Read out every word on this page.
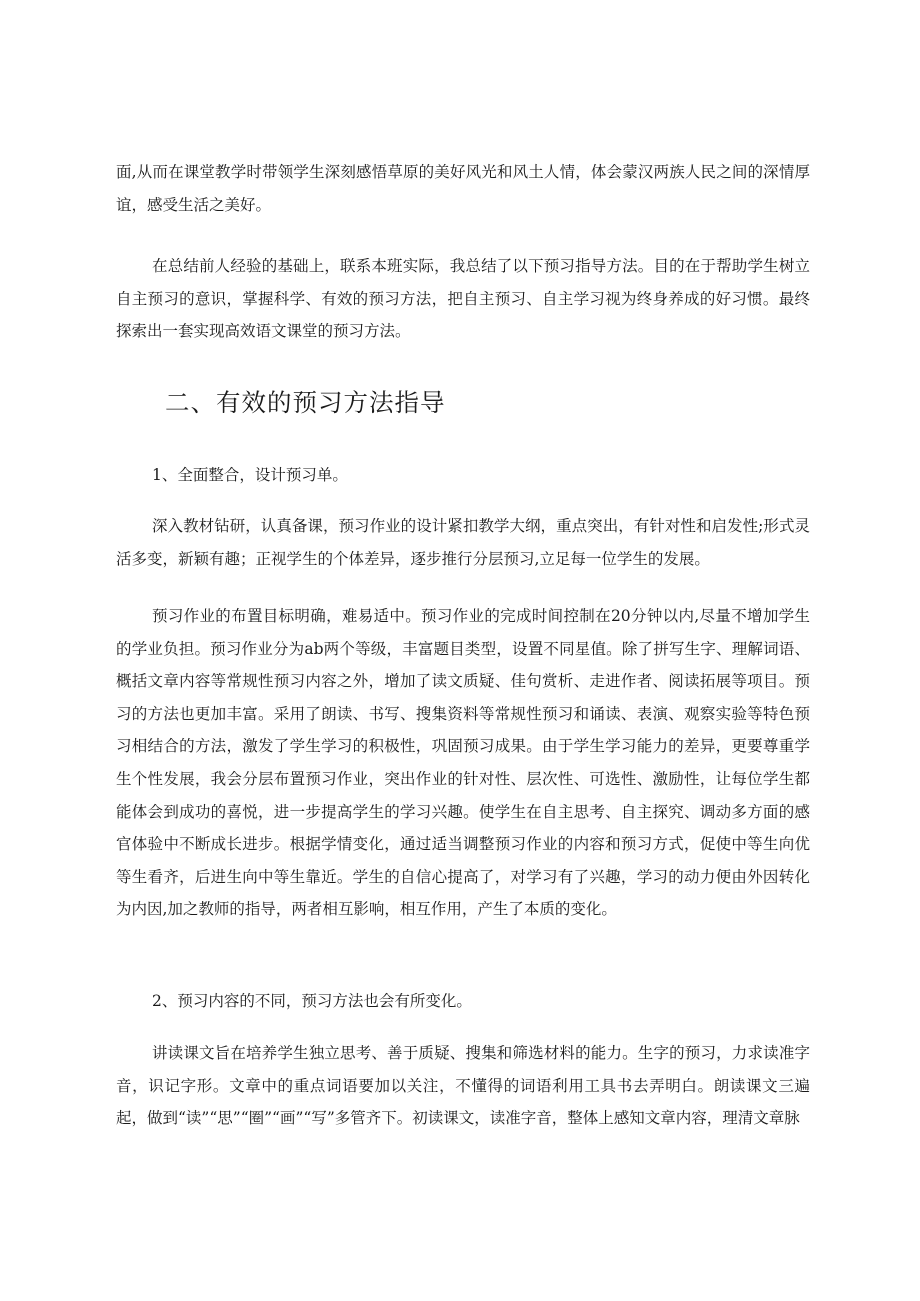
面,从而在课堂教学时带领学生深刻感悟草原的美好风光和风土人情，体会蒙汉两族人民之间的深情厚谊，感受生活之美好。

在总结前人经验的基础上，联系本班实际，我总结了以下预习指导方法。目的在于帮助学生树立自主预习的意识，掌握科学、有效的预习方法，把自主预习、自主学习视为终身养成的好习惯。最终探索出一套实现高效语文课堂的预习方法。

二、有效的预习方法指导

1、全面整合，设计预习单。

深入教材钻研，认真备课，预习作业的设计紧扣教学大纲，重点突出，有针对性和启发性;形式灵活多变，新颖有趣；正视学生的个体差异，逐步推行分层预习,立足每一位学生的发展。

预习作业的布置目标明确，难易适中。预习作业的完成时间控制在20分钟以内,尽量不增加学生的学业负担。预习作业分为ab两个等级，丰富题目类型，设置不同星值。除了拼写生字、理解词语、概括文章内容等常规性预习内容之外，增加了读文质疑、佳句赏析、走进作者、阅读拓展等项目。预习的方法也更加丰富。采用了朗读、书写、搜集资料等常规性预习和诵读、表演、观察实验等特色预习相结合的方法，激发了学生学习的积极性，巩固预习成果。由于学生学习能力的差异，更要尊重学生个性发展，我会分层布置预习作业，突出作业的针对性、层次性、可选性、激励性，让每位学生都能体会到成功的喜悦，进一步提高学生的学习兴趣。使学生在自主思考、自主探究、调动多方面的感官体验中不断成长进步。根据学情变化，通过适当调整预习作业的内容和预习方式，促使中等生向优等生看齐，后进生向中等生靠近。学生的自信心提高了，对学习有了兴趣，学习的动力便由外因转化为内因,加之教师的指导，两者相互影响，相互作用，产生了本质的变化。

2、预习内容的不同，预习方法也会有所变化。

讲读课文旨在培养学生独立思考、善于质疑、搜集和筛选材料的能力。生字的预习，力求读准字音，识记字形。文章中的重点词语要加以关注，不懂得的词语利用工具书去弄明白。朗读课文三遍起，做到“读”“思”“圈”“画”“写”多管齐下。初读课文，读准字音，整体上感知文章内容，理清文章脉
